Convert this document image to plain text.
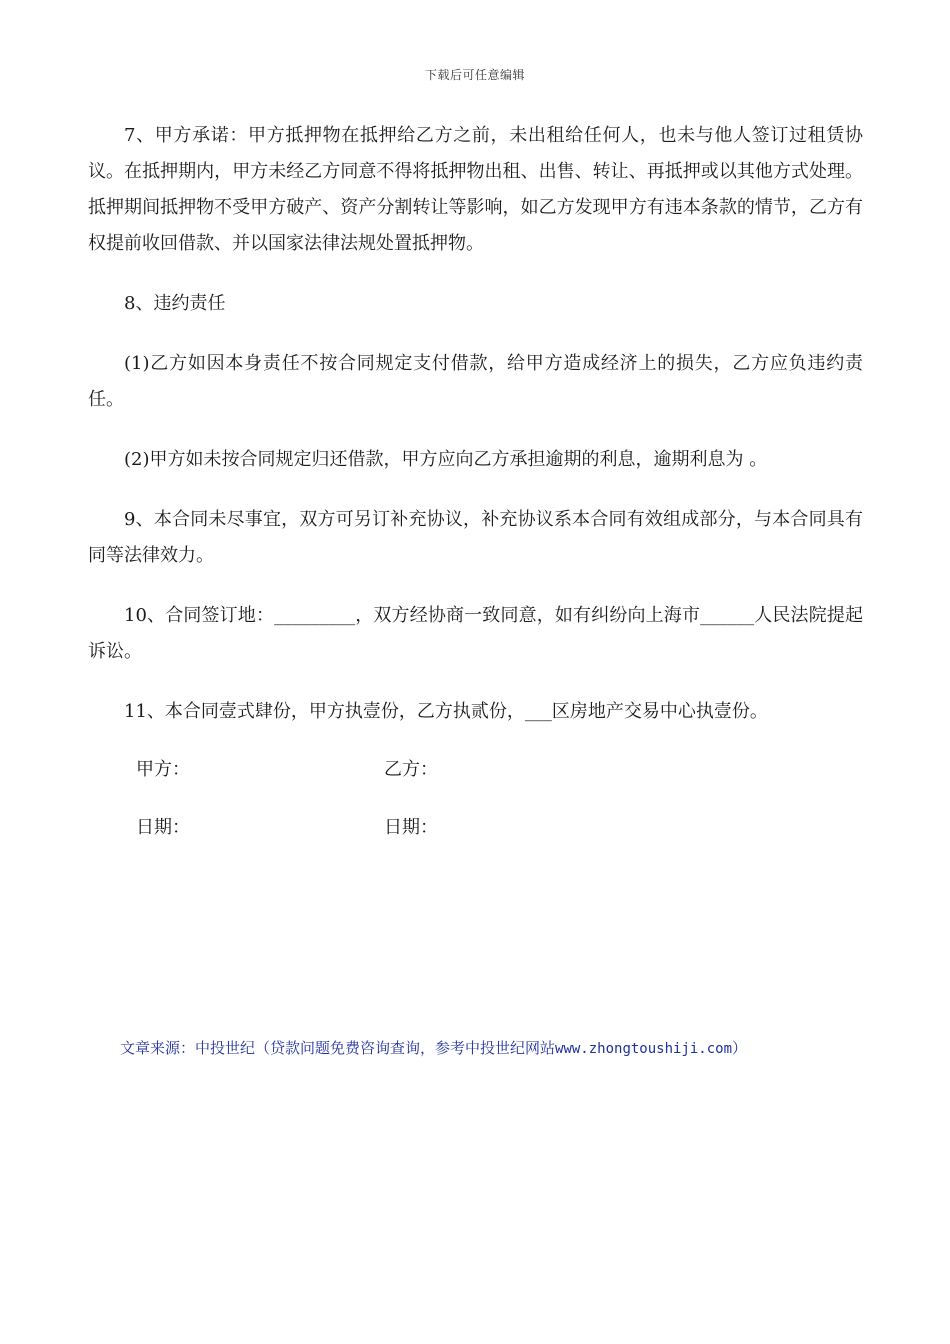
下载后可任意编辑

7、甲方承诺：甲方抵押物在抵押给乙方之前，未出租给任何人，也未与他人签订过租赁协议。在抵押期内，甲方未经乙方同意不得将抵押物出租、出售、转让、再抵押或以其他方式处理。抵押期间抵押物不受甲方破产、资产分割转让等影响，如乙方发现甲方有违本条款的情节，乙方有权提前收回借款、并以国家法律法规处置抵押物。

8、违约责任

(1)乙方如因本身责任不按合同规定支付借款，给甲方造成经济上的损失，乙方应负违约责任。

(2)甲方如未按合同规定归还借款，甲方应向乙方承担逾期的利息，逾期利息为 。

9、本合同未尽事宜，双方可另订补充协议，补充协议系本合同有效组成部分，与本合同具有同等法律效力。

10、合同签订地：_________，双方经协商一致同意，如有纠纷向上海市______人民法院提起诉讼。

11、本合同壹式肆份，甲方执壹份，乙方执贰份，___区房地产交易中心执壹份。

甲方：	乙方：
日期：	日期：
文章来源：中投世纪（贷款问题免费咨询查询，参考中投世纪网站www.zhongtoushiji.com）
